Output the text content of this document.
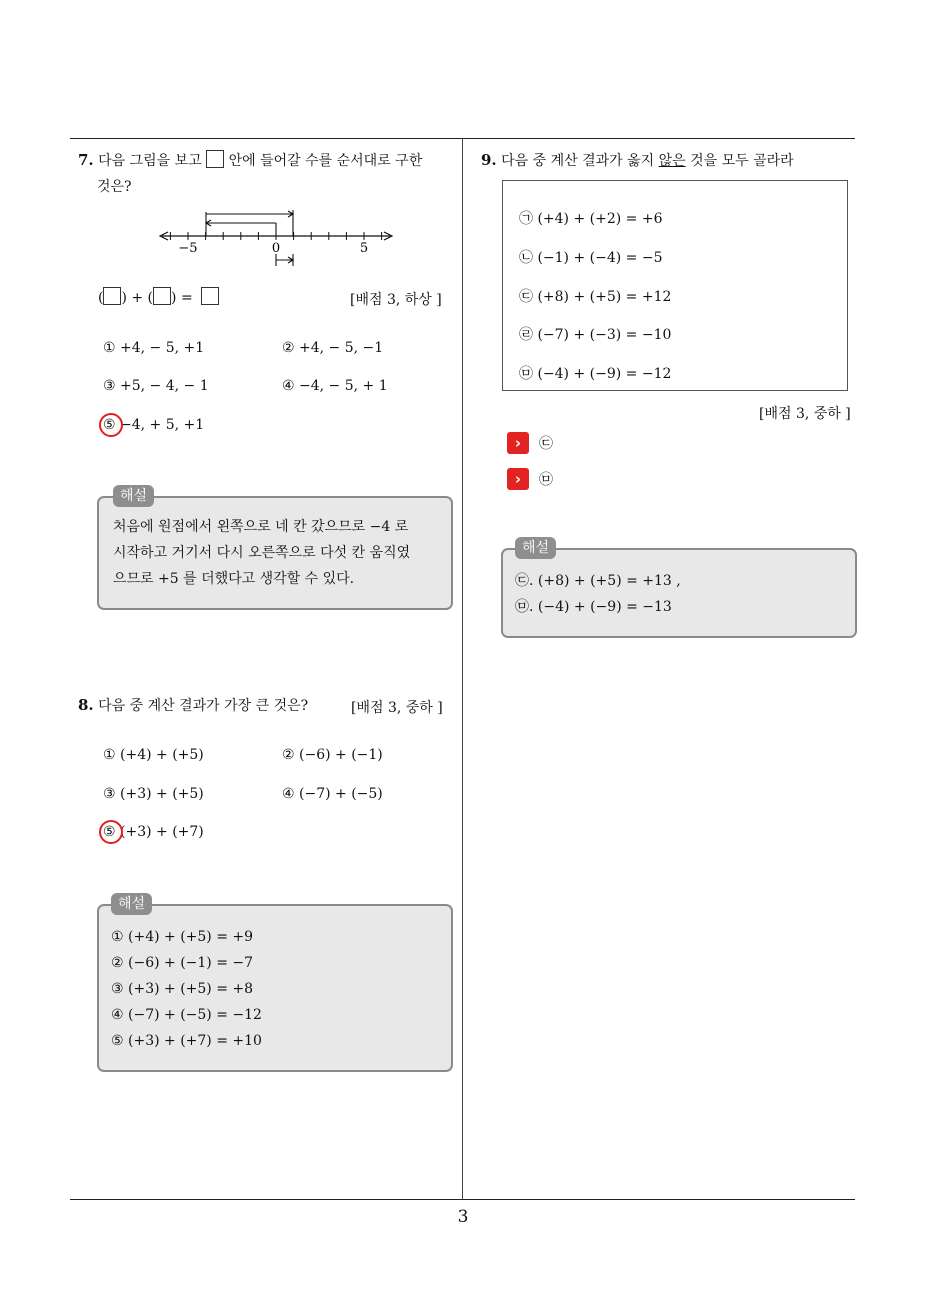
3
7. 다음 그림을 보고 안에 들어갈 수를 순서대로 구한
것은?
−5	0	5
( ) + ( ) =	[배점 3, 하상 ]
① +4, − 5, +1	② +4, − 5, −1
③ +5, − 4, − 1	④ −4, − 5, + 1
⑤ −4, + 5, +1
처음에 원점에서 왼쪽으로 네 칸 갔으므로 −4 로
시작하고 거기서 다시 오른쪽으로 다섯 칸 움직였
으므로 +5 를 더했다고 생각할 수 있다.
해설
8. 다음 중 계산 결과가 가장 큰 것은?	[배점 3, 중하 ]
① (+4) + (+5)	② (−6) + (−1)
③ (+3) + (+5)	④ (−7) + (−5)
⑤ (+3) + (+7)
① (+4) + (+5) = +9
② (−6) + (−1) = −7
③ (+3) + (+5) = +8
④ (−7) + (−5) = −12
⑤ (+3) + (+7) = +10
해설
9. 다음 중 계산 결과가 옳지 않은 것을 모두 골라라
㉠ (+4) + (+2) = +6
㉡ (−1) + (−4) = −5
㉢ (+8) + (+5) = +12
㉣ (−7) + (−3) = −10
㉤ (−4) + (−9) = −12
[배점 3, 중하 ]
›	㉢
›	㉤
㉢. (+8) + (+5) = +13 ,
㉤. (−4) + (−9) = −13
해설
